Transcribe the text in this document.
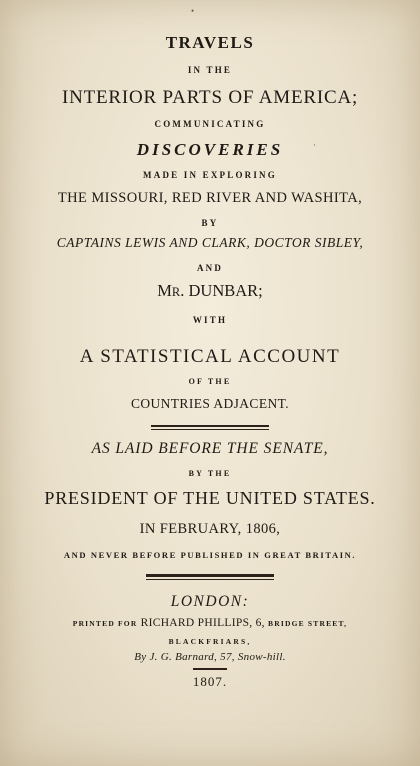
•
·
TRAVELS
IN THE
INTERIOR PARTS OF AMERICA;
COMMUNICATING
DISCOVERIES
MADE IN EXPLORING
THE MISSOURI, RED RIVER AND WASHITA,
BY
CAPTAINS LEWIS AND CLARK, DOCTOR SIBLEY,
AND
MR. DUNBAR;
WITH
A STATISTICAL ACCOUNT
OF THE
COUNTRIES ADJACENT.
AS LAID BEFORE THE SENATE,
BY THE
PRESIDENT OF THE UNITED STATES.
IN FEBRUARY, 1806,
AND NEVER BEFORE PUBLISHED IN GREAT BRITAIN.
LONDON:
PRINTED FOR RICHARD PHILLIPS, 6, BRIDGE STREET,
BLACKFRIARS,
By J. G. Barnard, 57, Snow-hill.
1807.
